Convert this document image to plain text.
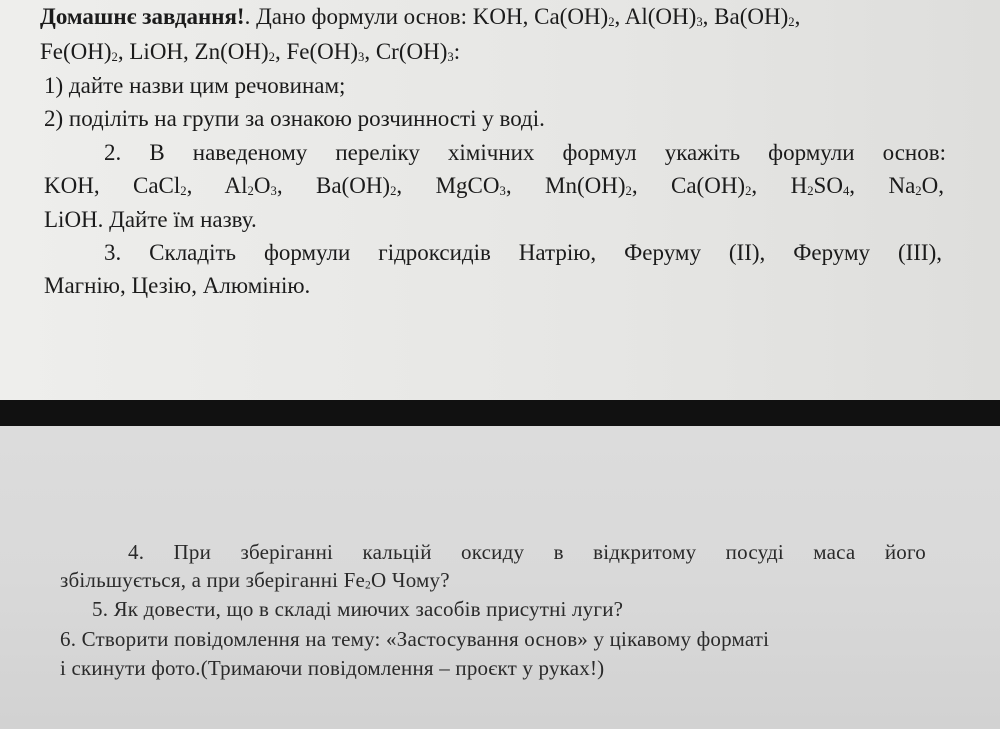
Домашнє завдання!. Дано формули основ: KOH, $Ca(OH)_2$, $Al(OH)_3$, $Ba(OH)_2$,
$Fe(OH)_2$, LiOH, $Zn(OH)_2$, $Fe(OH)_3$, $Cr(OH)_3$:
1) дайте назви цим речовинам;
2) поділіть на групи за ознакою розчинності у воді.
2. В наведеному переліку хімічних формул укажіть формули основ:
KOH, CaCl$_2$, $Al_2O_3$, $Ba(OH)_2$, MgCO$_3$, $Mn(OH)_2$, $Ca(OH)_2$, $H_2SO_4$, $Na_2O$,
LiOH. Дайте їм назву.
3. Складіть формули гідроксидів Натрію, Феруму (II), Феруму (III),
Магнію, Цезію, Алюмінію.
4. При зберіганні кальцій оксиду в відкритому посуді маса його
збільшується, а при зберіганні $Fe_2O$ Чому?
5. Як довести, що в складі миючих засобів присутні луги?
6. Створити повідомлення на тему: «Застосування основ» у цікавому форматі
і скинути фото.(Тримаючи повідомлення – проєкт у руках!)
